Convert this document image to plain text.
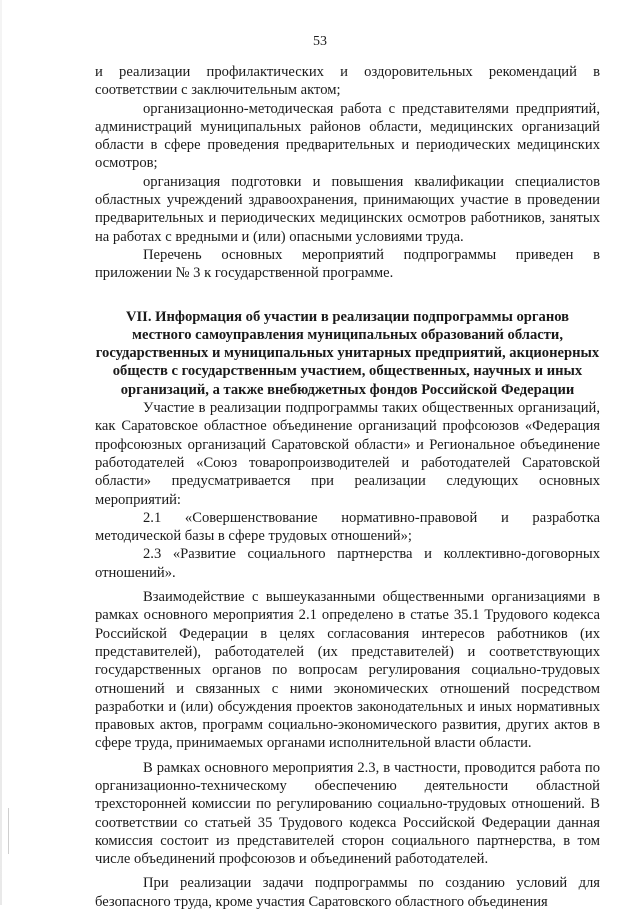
53

и реализации профилактических и оздоровительных рекомендаций в соответствии с заключительным актом;

организационно-методическая работа с представителями предприятий, администраций муниципальных районов области, медицинских организаций области в сфере проведения предварительных и периодических медицинских осмотров;

организация подготовки и повышения квалификации специалистов областных учреждений здравоохранения, принимающих участие в проведении предварительных и периодических медицинских осмотров работников, занятых на работах с вредными и (или) опасными условиями труда.

Перечень основных мероприятий подпрограммы приведен в приложении № 3 к государственной программе.

VII. Информация об участии в реализации подпрограммы органов местного самоуправления муниципальных образований области, государственных и муниципальных унитарных предприятий, акционерных обществ с государственным участием, общественных, научных и иных организаций, а также внебюджетных фондов Российской Федерации

Участие в реализации подпрограммы таких общественных организаций, как Саратовское областное объединение организаций профсоюзов «Федерация профсоюзных организаций Саратовской области» и Региональное объединение работодателей «Союз товаропроизводителей и работодателей Саратовской области» предусматривается при реализации следующих основных мероприятий:

2.1 «Совершенствование нормативно-правовой и разработка методической базы в сфере трудовых отношений»;

2.3 «Развитие социального партнерства и коллективно-договорных отношений».

Взаимодействие с вышеуказанными общественными организациями в рамках основного мероприятия 2.1 определено в статье 35.1 Трудового кодекса Российской Федерации в целях согласования интересов работников (их представителей), работодателей (их представителей) и соответствующих государственных органов по вопросам регулирования социально-трудовых отношений и связанных с ними экономических отношений посредством разработки и (или) обсуждения проектов законодательных и иных нормативных правовых актов, программ социально-экономического развития, других актов в сфере труда, принимаемых органами исполнительной власти области.

В рамках основного мероприятия 2.3, в частности, проводится работа по организационно-техническому обеспечению деятельности областной трехсторонней комиссии по регулированию социально-трудовых отношений. В соответствии со статьей 35 Трудового кодекса Российской Федерации данная комиссия состоит из представителей сторон социального партнерства, в том числе объединений профсоюзов и объединений работодателей.

При реализации задачи подпрограммы по созданию условий для безопасного труда, кроме участия Саратовского областного объединения
